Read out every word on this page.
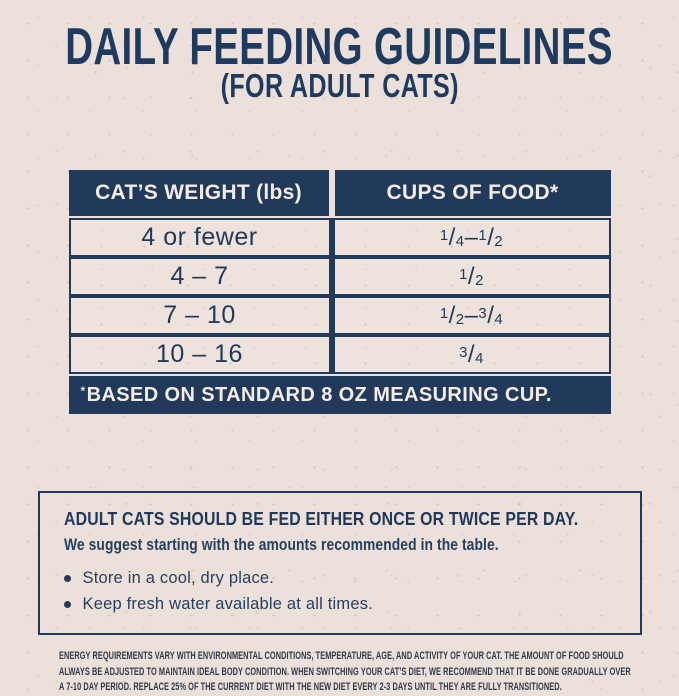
DAILY FEEDING GUIDELINES
(FOR ADULT CATS)
CAT’S WEIGHT (lbs)	CUPS OF FOOD*
4 or fewer	$^1$ $/_4 - ^1$ $/_2$
4 – 7	$^1$ $/_2$
7 – 10	$^1$ $/_2 - ^3$ $/_4$
10 – 16	$^3$ $/_4$
* BASED ON STANDARD 8 OZ MEASURING CUP.
ADULT CATS SHOULD BE FED EITHER ONCE OR TWICE PER DAY.
We suggest starting with the amounts recommended in the table.
Store in a cool, dry place.
Keep fresh water available at all times.
ENERGY REQUIREMENTS VARY WITH ENVIRONMENTAL CONDITIONS, TEMPERATURE, AGE, AND ACTIVITY OF YOUR CAT. THE AMOUNT OF FOOD SHOULD
ALWAYS BE ADJUSTED TO MAINTAIN IDEAL BODY CONDITION. WHEN SWITCHING YOUR CAT’S DIET, WE RECOMMEND THAT IT BE DONE GRADUALLY OVER
A 7-10 DAY PERIOD. REPLACE 25% OF THE CURRENT DIET WITH THE NEW DIET EVERY 2-3 DAYS UNTIL THEY ARE FULLY TRANSITIONED.
